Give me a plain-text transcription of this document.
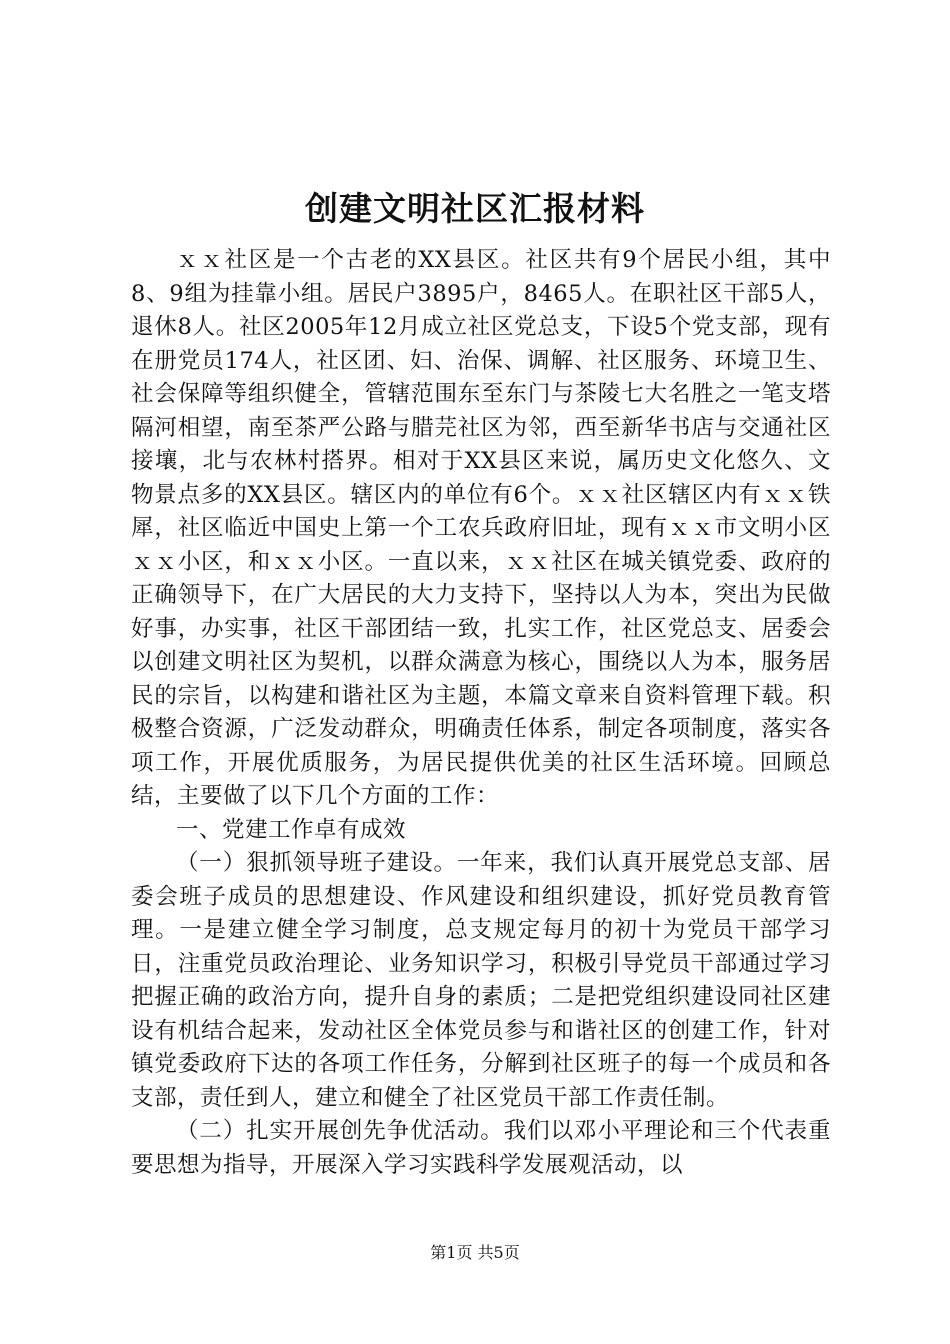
创建文明社区汇报材料

ｘｘ社区是一个古老的XX县区。社区共有9个居民小组，其中8、9组为挂靠小组。居民户3895户，8465人。在职社区干部5人，退休8人。社区2005年12月成立社区党总支，下设5个党支部，现有在册党员174人，社区团、妇、治保、调解、社区服务、环境卫生、社会保障等组织健全，管辖范围东至东门与茶陵七大名胜之一笔支塔隔河相望，南至茶严公路与腊芫社区为邻，西至新华书店与交通社区接壤，北与农林村搭界。相对于XX县区来说，属历史文化悠久、文物景点多的XX县区。辖区内的单位有6个。ｘｘ社区辖区内有ｘｘ铁犀，社区临近中国史上第一个工农兵政府旧址，现有ｘｘ市文明小区ｘｘ小区，和ｘｘ小区。一直以来，ｘｘ社区在城关镇党委、政府的正确领导下，在广大居民的大力支持下，坚持以人为本，突出为民做好事，办实事，社区干部团结一致，扎实工作，社区党总支、居委会以创建文明社区为契机，以群众满意为核心，围绕以人为本，服务居民的宗旨，以构建和谐社区为主题，本篇文章来自资料管理下载。积极整合资源，广泛发动群众，明确责任体系，制定各项制度，落实各项工作，开展优质服务，为居民提供优美的社区生活环境。回顾总结，主要做了以下几个方面的工作：

一、党建工作卓有成效

（一）狠抓领导班子建设。一年来，我们认真开展党总支部、居委会班子成员的思想建设、作风建设和组织建设，抓好党员教育管理。一是建立健全学习制度，总支规定每月的初十为党员干部学习日，注重党员政治理论、业务知识学习，积极引导党员干部通过学习把握正确的政治方向，提升自身的素质；二是把党组织建设同社区建设有机结合起来，发动社区全体党员参与和谐社区的创建工作，针对镇党委政府下达的各项工作任务，分解到社区班子的每一个成员和各支部，责任到人，建立和健全了社区党员干部工作责任制。

（二）扎实开展创先争优活动。我们以邓小平理论和三个代表重要思想为指导，开展深入学习实践科学发展观活动，以

第1页 共5页
